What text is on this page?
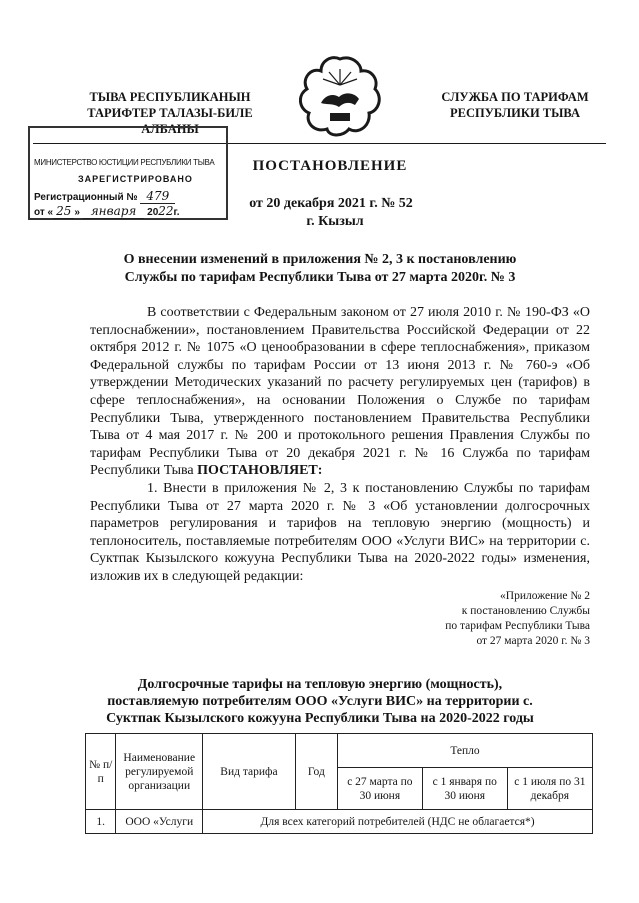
ТЫВА РЕСПУБЛИКАНЫН
ТАРИФТЕР ТАЛАЗЫ-БИЛЕ
АЛБАНЫ
СЛУЖБА ПО ТАРИФАМ
РЕСПУБЛИКИ ТЫВА
МИНИСТЕРСТВО ЮСТИЦИИ РЕСПУБЛИКИ ТЫВА
ЗАРЕГИСТРИРОВАНО
Регистрационный № 479
от « 25 » января 2022г.
ПОСТАНОВЛЕНИЕ
от 20 декабря 2021 г. № 52
г. Кызыл
О внесении изменений в приложения № 2, 3 к постановлению
Службы по тарифам Республики Тыва от 27 марта 2020г. № 3
В соответствии с Федеральным законом от 27 июля 2010 г. № 190-ФЗ «О теплоснабжении», постановлением Правительства Российской Федерации от 22 октября 2012 г. № 1075 «О ценообразовании в сфере теплоснабжения», приказом Федеральной службы по тарифам России от 13 июня 2013 г. № 760-э «Об утверждении Методических указаний по расчету регулируемых цен (тарифов) в сфере теплоснабжения», на основании Положения о Службе по тарифам Республики Тыва, утвержденного постановлением Правительства Республики Тыва от 4 мая 2017 г. № 200 и протокольного решения Правления Службы по тарифам Республики Тыва от 20 декабря 2021 г. № 16 Служба по тарифам Республики Тыва ПОСТАНОВЛЯЕТ:
1. Внести в приложения № 2, 3 к постановлению Службы по тарифам Республики Тыва от 27 марта 2020 г. № 3 «Об установлении долгосрочных параметров регулирования и тарифов на тепловую энергию (мощность) и теплоноситель, поставляемые потребителям ООО «Услуги ВИС» на территории с. Суктпак Кызылского кожууна Республики Тыва на 2020-2022 годы» изменения, изложив их в следующей редакции:
«Приложение № 2
к постановлению Службы
по тарифам Республики Тыва
от 27 марта 2020 г. № 3
Долгосрочные тарифы на тепловую энергию (мощность),
поставляемую потребителям ООО «Услуги ВИС» на территории с.
Суктпак Кызылского кожууна Республики Тыва на 2020-2022 годы
№ п/п	Наименование регулируемой организации	Вид тарифа	Год	Тепло		
				с 27 марта по 30 июня	с 1 января по 30 июня	с 1 июля по 31 декабря
1.	ООО «Услуги	Для всех категорий потребителей (НДС не облагается*)				
